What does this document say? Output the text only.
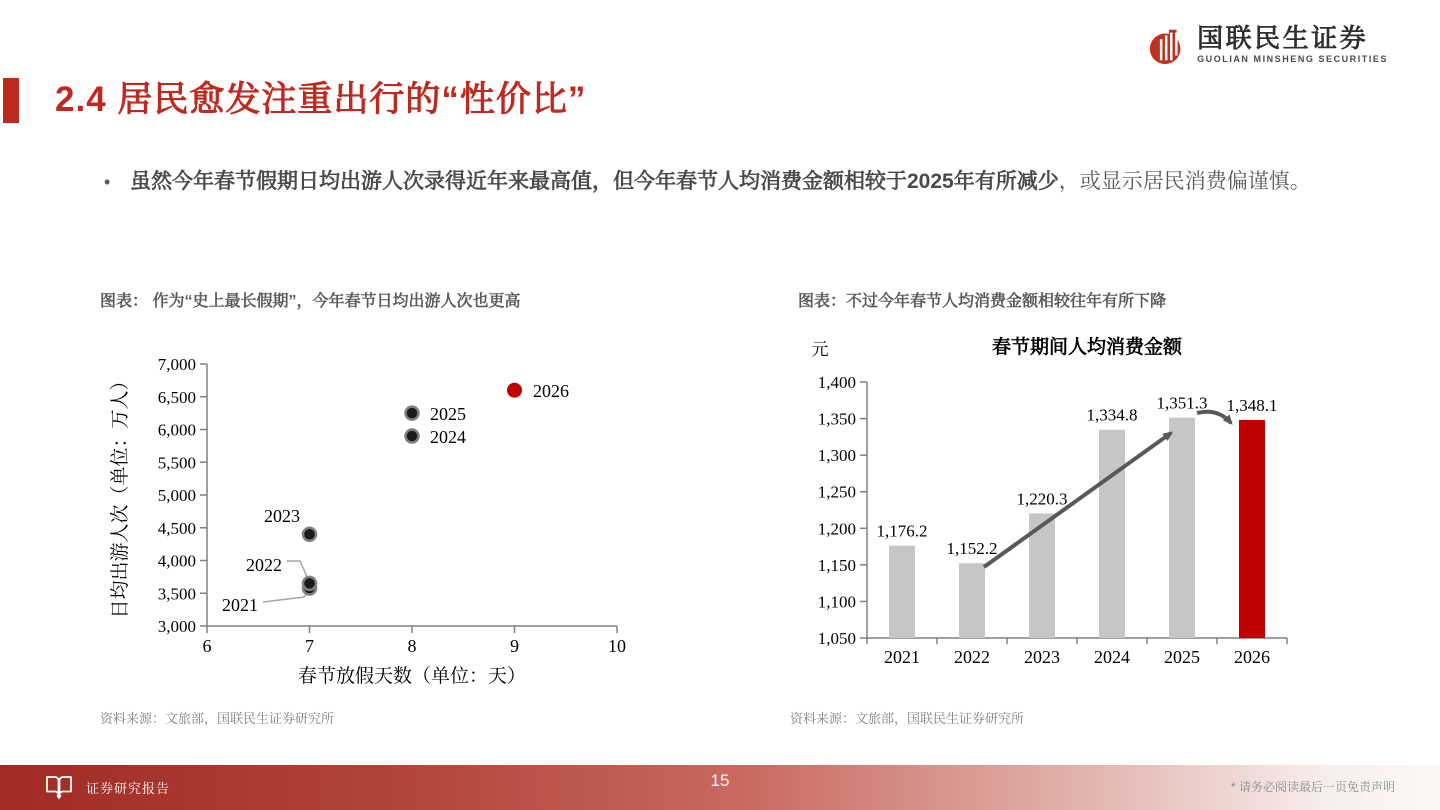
国联民生证券
GUOLIAN MINSHENG SECURITIES
2.4 居民愈发注重出行的“性价比”
• 虽然今年春节假期日均出游人次录得近年来最高值，但今年春节人均消费金额相较于2025年有所减少，或显示居民消费偏谨慎。
图表： 作为“史上最长假期”，今年春节日均出游人次也更高	图表：不过今年春节人均消费金额相较往年有所下降
3,000
3,500
4,000
4,500
5,000
5,500
6,000
6,500
7,000
6	7	8	9	10
2021
2022
2023
2024
2025
2026
春节放假天数（单位：天）
日均出游人次（单位：万人）
1,050
1,100
1,150
1,200
1,250
1,300
1,350
1,400
2021 2022 2023 2024 2025 2026
1,176.2
1,152.2
1,220.3
1,334.8
1,351.3 1,348.1
元	春节期间人均消费金额
资料来源：文旅部，国联民生证券研究所	资料来源：文旅部，国联民生证券研究所
证券研究报告	15	* 请务必阅读最后一页免责声明
